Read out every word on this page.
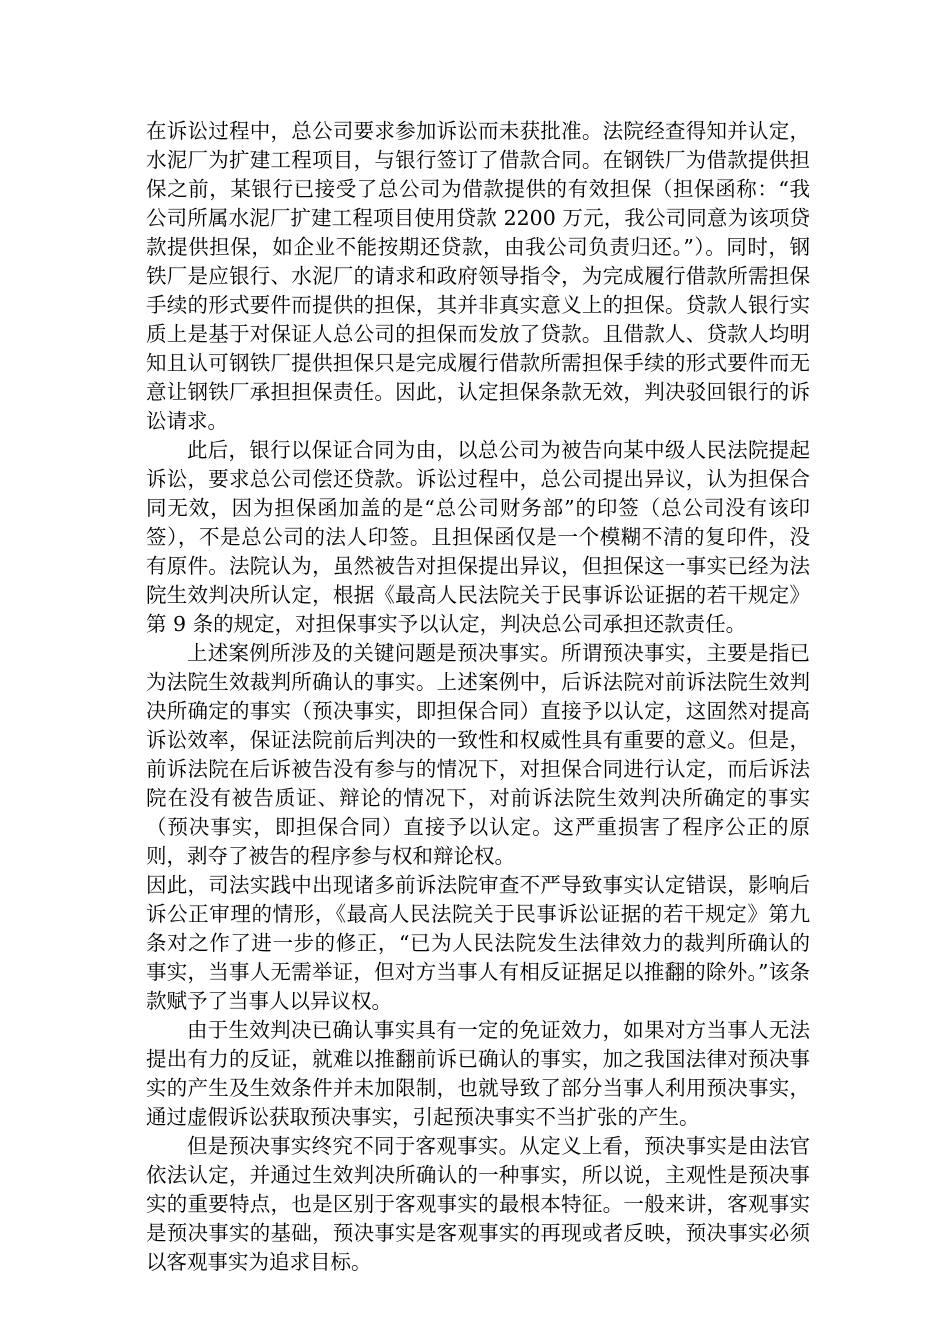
在诉讼过程中，总公司要求参加诉讼而未获批准。法院经查得知并认定，水泥厂为扩建工程项目，与银行签订了借款合同。在钢铁厂为借款提供担保之前，某银行已接受了总公司为借款提供的有效担保（担保函称：“我公司所属水泥厂扩建工程项目使用贷款 2200 万元，我公司同意为该项贷款提供担保，如企业不能按期还贷款，由我公司负责归还。”）。同时，钢铁厂是应银行、水泥厂的请求和政府领导指令，为完成履行借款所需担保手续的形式要件而提供的担保，其并非真实意义上的担保。贷款人银行实质上是基于对保证人总公司的担保而发放了贷款。且借款人、贷款人均明知且认可钢铁厂提供担保只是完成履行借款所需担保手续的形式要件而无意让钢铁厂承担担保责任。因此，认定担保条款无效，判决驳回银行的诉讼请求。

此后，银行以保证合同为由，以总公司为被告向某中级人民法院提起诉讼，要求总公司偿还贷款。诉讼过程中，总公司提出异议，认为担保合同无效，因为担保函加盖的是“总公司财务部”的印签（总公司没有该印签），不是总公司的法人印签。且担保函仅是一个模糊不清的复印件，没有原件。法院认为，虽然被告对担保提出异议，但担保这一事实已经为法院生效判决所认定，根据《最高人民法院关于民事诉讼证据的若干规定》第 9 条的规定，对担保事实予以认定，判决总公司承担还款责任。

上述案例所涉及的关键问题是预决事实。所谓预决事实，主要是指已为法院生效裁判所确认的事实。上述案例中，后诉法院对前诉法院生效判决所确定的事实（预决事实，即担保合同）直接予以认定，这固然对提高诉讼效率，保证法院前后判决的一致性和权威性具有重要的意义。但是，前诉法院在后诉被告没有参与的情况下，对担保合同进行认定，而后诉法院在没有被告质证、辩论的情况下，对前诉法院生效判决所确定的事实（预决事实，即担保合同）直接予以认定。这严重损害了程序公正的原则，剥夺了被告的程序参与权和辩论权。

因此，司法实践中出现诸多前诉法院审查不严导致事实认定错误，影响后诉公正审理的情形，《最高人民法院关于民事诉讼证据的若干规定》第九条对之作了进一步的修正，“已为人民法院发生法律效力的裁判所确认的事实，当事人无需举证，但对方当事人有相反证据足以推翻的除外。”该条款赋予了当事人以异议权。

由于生效判决已确认事实具有一定的免证效力，如果对方当事人无法提出有力的反证，就难以推翻前诉已确认的事实，加之我国法律对预决事实的产生及生效条件并未加限制，也就导致了部分当事人利用预决事实，通过虚假诉讼获取预决事实，引起预决事实不当扩张的产生。

但是预决事实终究不同于客观事实。从定义上看，预决事实是由法官依法认定，并通过生效判决所确认的一种事实，所以说，主观性是预决事实的重要特点，也是区别于客观事实的最根本特征。一般来讲，客观事实是预决事实的基础，预决事实是客观事实的再现或者反映，预决事实必须以客观事实为追求目标。
